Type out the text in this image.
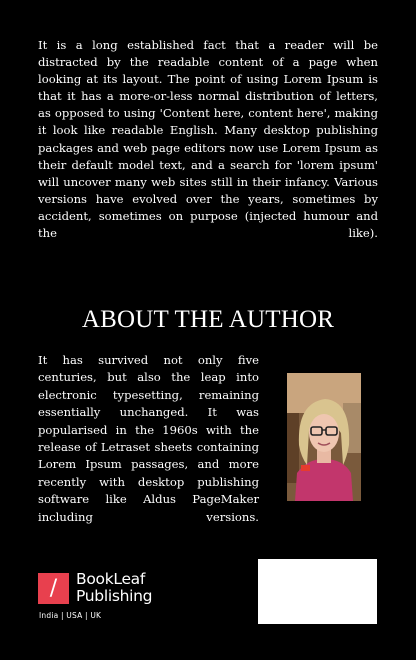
It is a long established fact that a reader will be distracted by the readable content of a page when looking at its layout. The point of using Lorem Ipsum is that it has a more-or-less normal distribution of letters, as opposed to using 'Content here, content here', making it look like readable English. Many desktop publishing packages and web page editors now use Lorem Ipsum as their default model text, and a search for 'lorem ipsum' will uncover many web sites still in their infancy. Various versions have evolved over the years, sometimes by accident, sometimes on purpose (injected humour and the like).

ABOUT THE AUTHOR

It has survived not only five centuries, but also the leap into electronic typesetting, remaining essentially unchanged. It was popularised in the 1960s with the release of Letraset sheets containing Lorem Ipsum passages, and more recently with desktop publishing software like Aldus PageMaker including versions.

/	BookLeaf
Publishing
India | USA | UK
